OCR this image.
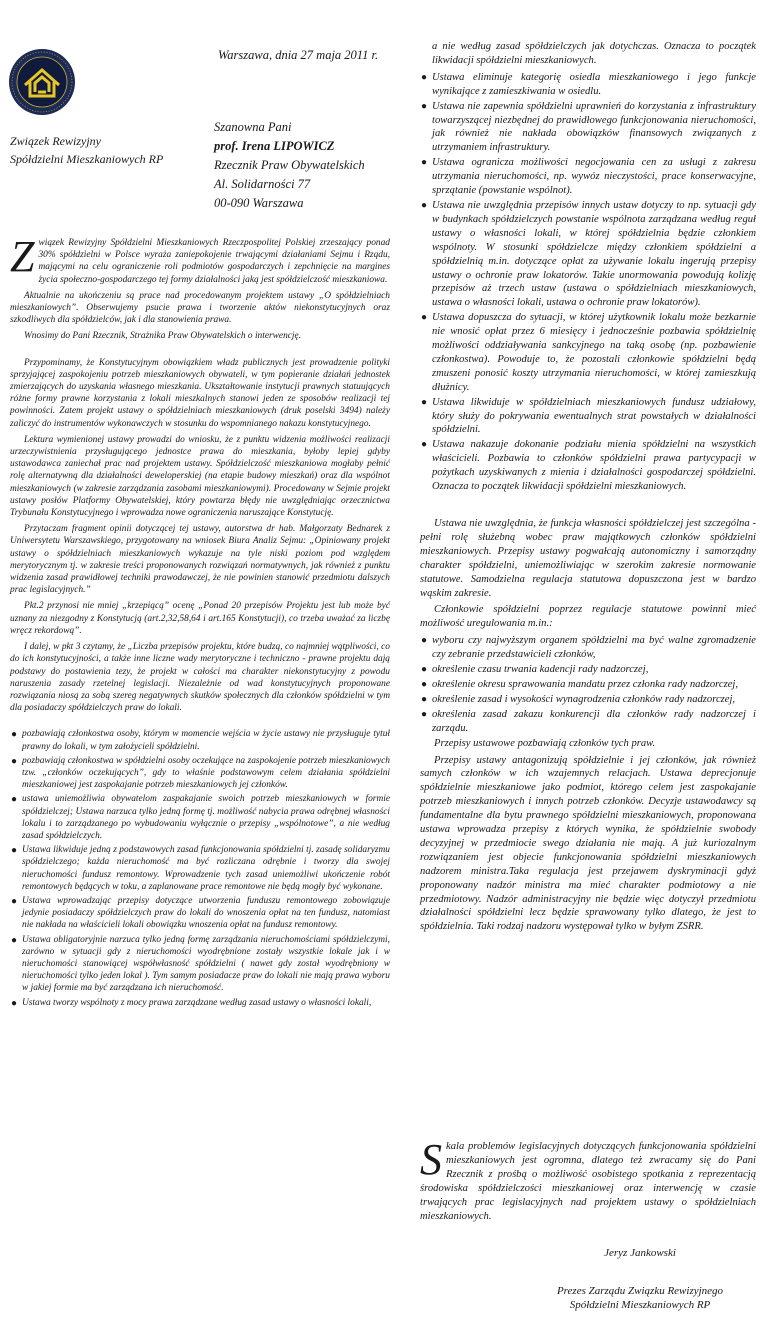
Związek Rewizyjny
Spółdzielni Mieszkaniowych RP
Warszawa, dnia 27 maja 2011 r.
Szanowna Pani
prof. Irena LIPOWICZ
Rzecznik Praw Obywatelskich
Al. Solidarności 77
00-090 Warszawa

Związek Rewizyjny Spółdzielni Mieszkaniowych Rzeczpospolitej Polskiej zrzeszający ponad 30% spółdzielni w Polsce wyraża zaniepokojenie trwającymi działaniami Sejmu i Rządu, mającymi na celu ograniczenie roli podmiotów gospodarczych i zepchnięcie na margines życia społeczno-gospodarczego tej formy działalności jaką jest spółdzielczość mieszkaniowa.

Aktualnie na ukończeniu są prace nad procedowanym projektem ustawy „O spółdzielniach mieszkaniowych”. Obserwujemy psucie prawa i tworzenie aktów niekonstytucyjnych oraz szkodliwych dla spółdzielców, jak i dla stanowienia prawa.

Wnosimy do Pani Rzecznik, Strażnika Praw Obywatelskich o interwencję.

Przypominamy, że Konstytucyjnym obowiązkiem władz publicznych jest prowadzenie polityki sprzyjającej zaspokojeniu potrzeb mieszkaniowych obywateli, w tym popieranie działań jednostek zmierzających do uzyskania własnego mieszkania. Ukształtowanie instytucji prawnych statuujących różne formy prawne korzystania z lokali mieszkalnych stanowi jeden ze sposobów realizacji tej powinności. Zatem projekt ustawy o spółdzielniach mieszkaniowych (druk poselski 3494) należy zaliczyć do instrumentów wykonawczych w stosunku do wspomnianego nakazu konstytucyjnego.

Lektura wymienionej ustawy prowadzi do wniosku, że z punktu widzenia możliwości realizacji urzeczywistnienia przysługującego jednostce prawa do mieszkania, byłoby lepiej gdyby ustawodawca zaniechał prac nad projektem ustawy. Spółdzielczość mieszkaniowa mogłaby pełnić rolę alternatywną dla działalności deweloperskiej (na etapie budowy mieszkań) oraz dla wspólnot mieszkaniowych (w zakresie zarządzania zasobami mieszkaniowymi). Procedowany w Sejmie projekt ustawy posłów Platformy Obywatelskiej, który powtarza błędy nie uwzględniając orzecznictwa Trybunału Konstytucyjnego i wprowadza nowe ograniczenia naruszające Konstytucję.

Przytaczam fragment opinii dotyczącej tej ustawy, autorstwa dr hab. Małgorzaty Bednarek z Uniwersytetu Warszawskiego, przygotowany na wniosek Biura Analiz Sejmu: „Opiniowany projekt ustawy o spółdzielniach mieszkaniowych wykazuje na tyle niski poziom pod względem merytorycznym tj. w zakresie treści proponowanych rozwiązań normatywnych, jak również z punktu widzenia zasad prawidłowej techniki prawodawczej, że nie powinien stanowić przedmiotu dalszych prac legislacyjnych.”

Pkt.2 przynosi nie mniej „krzepiącą” ocenę „Ponad 20 przepisów Projektu jest lub może być uznany za niezgodny z Konstytucją (art.2,32,58,64 i art.165 Konstytucji), co trzeba uważać za liczbę wręcz rekordową”.

I dalej, w pkt 3 czytamy, że „Liczba przepisów projektu, które budzą, co najmniej wątpliwości, co do ich konstytucyjności, a także inne liczne wady merytoryczne i techniczno - prawne projektu dają podstawy do postawienia tezy, że projekt w całości ma charakter niekonstytucyjny z powodu naruszenia zasady rzetelnej legislacji. Niezależnie od wad konstytucyjnych proponowane rozwiązania niosą za sobą szereg negatywnych skutków społecznych dla członków spółdzielni w tym dla posiadaczy spółdzielczych praw do lokali.

● pozbawiają członkostwa osoby, którym w momencie wejścia w życie ustawy nie przysługuje tytuł prawny do lokali, w tym założycieli spółdzielni.
● pozbawiają członkostwa w spółdzielni osoby oczekujące na zaspokojenie potrzeb mieszkaniowych tzw. „członków oczekujących”, gdy to właśnie podstawowym celem działania spółdzielni mieszkaniowej jest zaspokajanie potrzeb mieszkaniowych jej członków.
● ustawa uniemożliwia obywatelom zaspakajanie swoich potrzeb mieszkaniowych w formie spółdzielczej; Ustawa narzuca tylko jedną formę tj. możliwość nabycia prawa odrębnej własności lokalu i to zarządzanego po wybudowaniu wyłącznie o przepisy „wspólnotowe”, a nie według zasad spółdzielczych.
● Ustawa likwiduje jedną z podstawowych zasad funkcjonowania spółdzielni tj. zasadę solidaryzmu spółdzielczego; każda nieruchomość ma być rozliczana odrębnie i tworzy dla swojej nieruchomości fundusz remontowy. Wprowadzenie tych zasad uniemożliwi ukończenie robót remontowych będących w toku, a zaplanowane prace remontowe nie będą mogły być wykonane.
● Ustawa wprowadzając przepisy dotyczące utworzenia funduszu remontowego zobowiązuje jedynie posiadaczy spółdzielczych praw do lokali do wnoszenia opłat na ten fundusz, natomiast nie nakłada na właścicieli lokali obowiązku wnoszenia opłat na fundusz remontowy.
● Ustawa obligatoryjnie narzuca tylko jedną formę zarządzania nieruchomościami spółdzielczymi, zarówno w sytuacji gdy z nieruchomości wyodrębnione zostały wszystkie lokale jak i w nieruchomości stanowiącej współwłasność spółdzielni ( nawet gdy został wyodrębniony w nieruchomości tylko jeden lokal ). Tym samym posiadacze praw do lokali nie mają prawa wyboru w jakiej formie ma być zarządzana ich nieruchomość.
● Ustawa tworzy wspólnoty z mocy prawa zarządzane według zasad ustawy o własności lokali,

a nie według zasad spółdzielczych jak dotychczas. Oznacza to początek likwidacji spółdzielni mieszkaniowych.

● Ustawa eliminuje kategorię osiedla mieszkaniowego i jego funkcje wynikające z zamieszkiwania w osiedlu.
● Ustawa nie zapewnia spółdzielni uprawnień do korzystania z infrastruktury towarzyszącej niezbędnej do prawidłowego funkcjonowania nieruchomości, jak również nie nakłada obowiązków finansowych związanych z utrzymaniem infrastruktury.
● Ustawa ogranicza możliwości negocjowania cen za usługi z zakresu utrzymania nieruchomości, np. wywóz nieczystości, prace konserwacyjne, sprzątanie (powstanie wspólnot).
● Ustawa nie uwzględnia przepisów innych ustaw dotyczy to np. sytuacji gdy w budynkach spółdzielczych powstanie wspólnota zarządzana według reguł ustawy o własności lokali, w której spółdzielnia będzie członkiem wspólnoty. W stosunki spółdzielcze między członkiem spółdzielni a spółdzielnią m.in. dotyczące opłat za używanie lokalu ingerują przepisy ustawy o ochronie praw lokatorów. Takie unormowania powodują kolizję przepisów aż trzech ustaw (ustawa o spółdzielniach mieszkaniowych, ustawa o własności lokali, ustawa o ochronie praw lokatorów).
● Ustawa dopuszcza do sytuacji, w której użytkownik lokalu może bezkarnie nie wnosić opłat przez 6 miesięcy i jednocześnie pozbawia spółdzielnię możliwości oddziaływania sankcyjnego na taką osobę (np. pozbawienie członkostwa). Powoduje to, że pozostali członkowie spółdzielni będą zmuszeni ponosić koszty utrzymania nieruchomości, w której zamieszkują dłużnicy.
● Ustawa likwiduje w spółdzielniach mieszkaniowych fundusz udziałowy, który służy do pokrywania ewentualnych strat powstałych w działalności spółdzielni.
● Ustawa nakazuje dokonanie podziału mienia spółdzielni na wszystkich właścicieli. Pozbawia to członków spółdzielni prawa partycypacji w pożytkach uzyskiwanych z mienia i działalności gospodarczej spółdzielni. Oznacza to początek likwidacji spółdzielni mieszkaniowych.

Ustawa nie uwzględnia, że funkcja własności spółdzielczej jest szczególna - pełni rolę służebną wobec praw majątkowych członków spółdzielni mieszkaniowych. Przepisy ustawy pogwałcają autonomiczny i samorządny charakter spółdzielni, uniemożliwiając w szerokim zakresie normowanie statutowe. Samodzielna regulacja statutowa dopuszczona jest w bardzo wąskim zakresie.

Członkowie spółdzielni poprzez regulacje statutowe powinni mieć możliwość uregulowania m.in.:

● wyboru czy najwyższym organem spółdzielni ma być walne zgromadzenie czy zebranie przedstawicieli członków,
● określenie czasu trwania kadencji rady nadzorczej,
● określenie okresu sprawowania mandatu przez członka rady nadzorczej,
● określenie zasad i wysokości wynagrodzenia członków rady nadzorczej,
● określenia zasad zakazu konkurencji dla członków rady nadzorczej i zarządu.

Przepisy ustawowe pozbawiają członków tych praw.

Przepisy ustawy antagonizują spółdzielnie i jej członków, jak również samych członków w ich wzajemnych relacjach. Ustawa deprecjonuje spółdzielnie mieszkaniowe jako podmiot, którego celem jest zaspokajanie potrzeb mieszkaniowych i innych potrzeb członków. Decyzje ustawodawcy są fundamentalne dla bytu prawnego spółdzielni mieszkaniowych, proponowana ustawa wprowadza przepisy z których wynika, że spółdzielnie swobody decyzyjnej w przedmiocie swego działania nie mają. A już kuriozalnym rozwiązaniem jest objecie funkcjonowania spółdzielni mieszkaniowych nadzorem ministra.Taka regulacja jest przejawem dyskryminacji gdyż proponowany nadzór ministra ma mieć charakter podmiotowy a nie przedmiotowy. Nadzór administracyjny nie będzie więc dotyczył przedmiotu działalności spółdzielni lecz będzie sprawowany tylko dlatego, że jest to spółdzielnia. Taki rodzaj nadzoru występował tylko w byłym ZSRR.

Skala problemów legislacyjnych dotyczących funkcjonowania spółdzielni mieszkaniowych jest ogromna, dlatego też zwracamy się do Pani Rzecznik z prośbą o możliwość osobistego spotkania z reprezentacją środowiska spółdzielczości mieszkaniowej oraz interwencję w czasie trwających prac legislacyjnych nad projektem ustawy o spółdzielniach mieszkaniowych.

Jeryz Jankowski
Prezes Zarządu Związku Rewizyjnego
Spółdzielni Mieszkaniowych RP
